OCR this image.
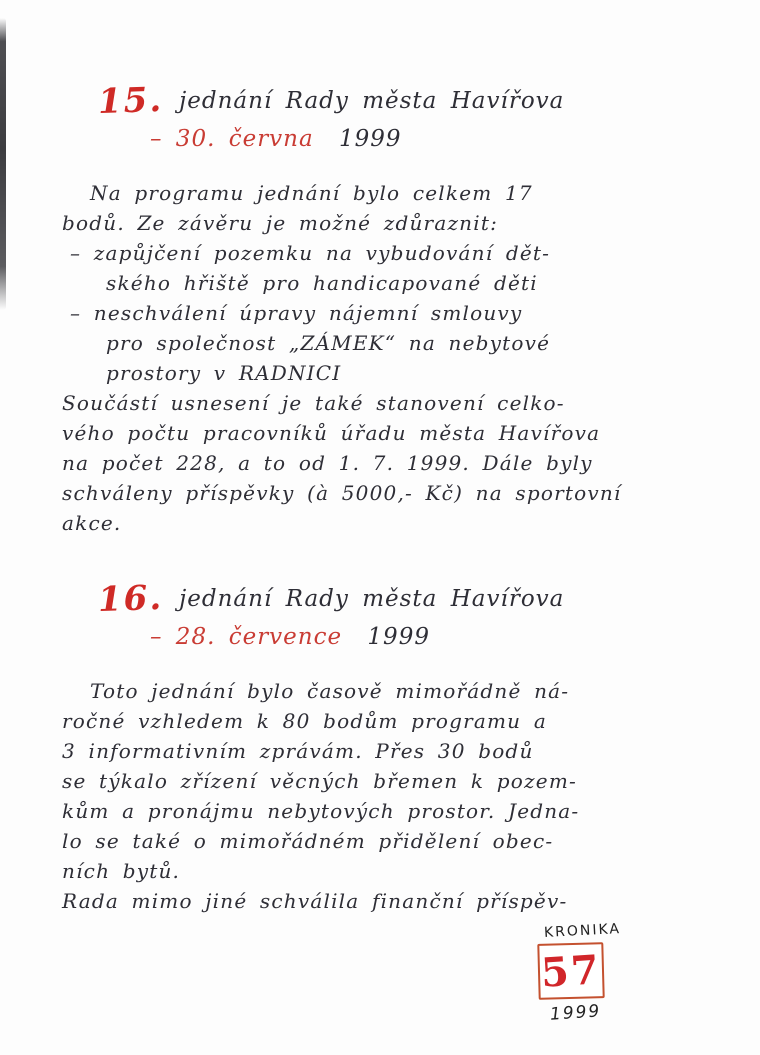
15. jednání Rady města Havířova
– 30. června 1999
Na programu jednání bylo celkem 17
bodů. Ze závěru je možné zdůraznit:
– zapůjčení pozemku na vybudování dět-
ského hřiště pro handicapované děti
– neschválení úpravy nájemní smlouvy
pro společnost „ZÁMEK“ na nebytové
prostory v RADNICI
Součástí usnesení je také stanovení celko-
vého počtu pracovníků úřadu města Havířova
na počet 228, a to od 1. 7. 1999. Dále byly
schváleny příspěvky (à 5000,- Kč) na sportovní
akce.
16. jednání Rady města Havířova
– 28. července 1999
Toto jednání bylo časově mimořádně ná-
ročné vzhledem k 80 bodům programu a
3 informativním zprávám. Přes 30 bodů
se týkalo zřízení věcných břemen k pozem-
kům a pronájmu nebytových prostor. Jedna-
lo se také o mimořádném přidělení obec-
ních bytů.
Rada mimo jiné schválila finanční příspěv-
KRONIKA
57
1999
